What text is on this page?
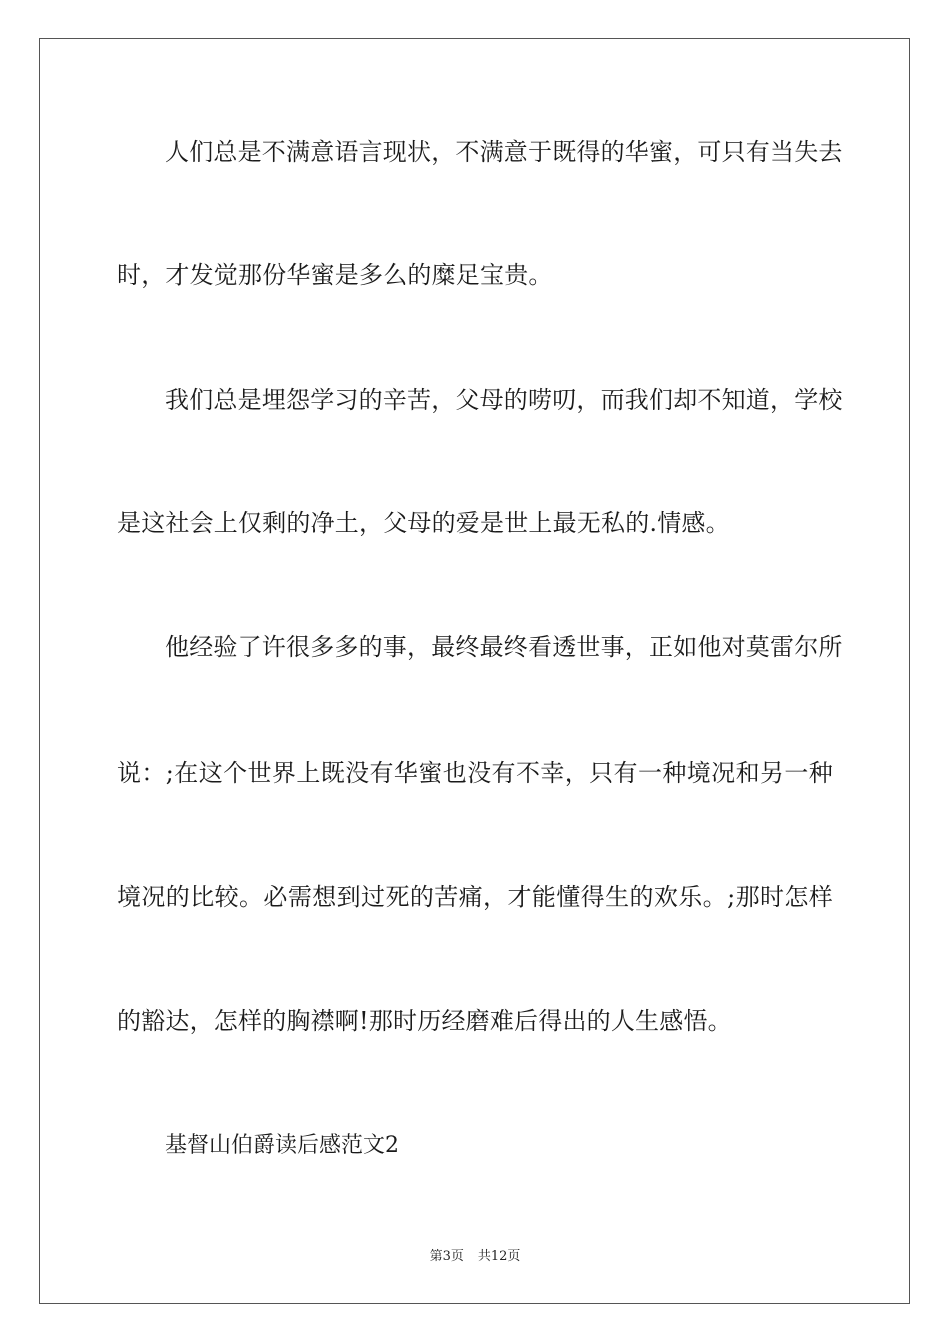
人们总是不满意语言现状，不满意于既得的华蜜，可只有当失去
时，才发觉那份华蜜是多么的糜足宝贵。
我们总是埋怨学习的辛苦，父母的唠叨，而我们却不知道，学校
是这社会上仅剩的净土，父母的爱是世上最无私的.情感。
他经验了许很多多的事，最终最终看透世事，正如他对莫雷尔所
说：;在这个世界上既没有华蜜也没有不幸，只有一种境况和另一种
境况的比较。必需想到过死的苦痛，才能懂得生的欢乐。;那时怎样
的豁达，怎样的胸襟啊!那时历经磨难后得出的人生感悟。
基督山伯爵读后感范文2
第3页 共12页
